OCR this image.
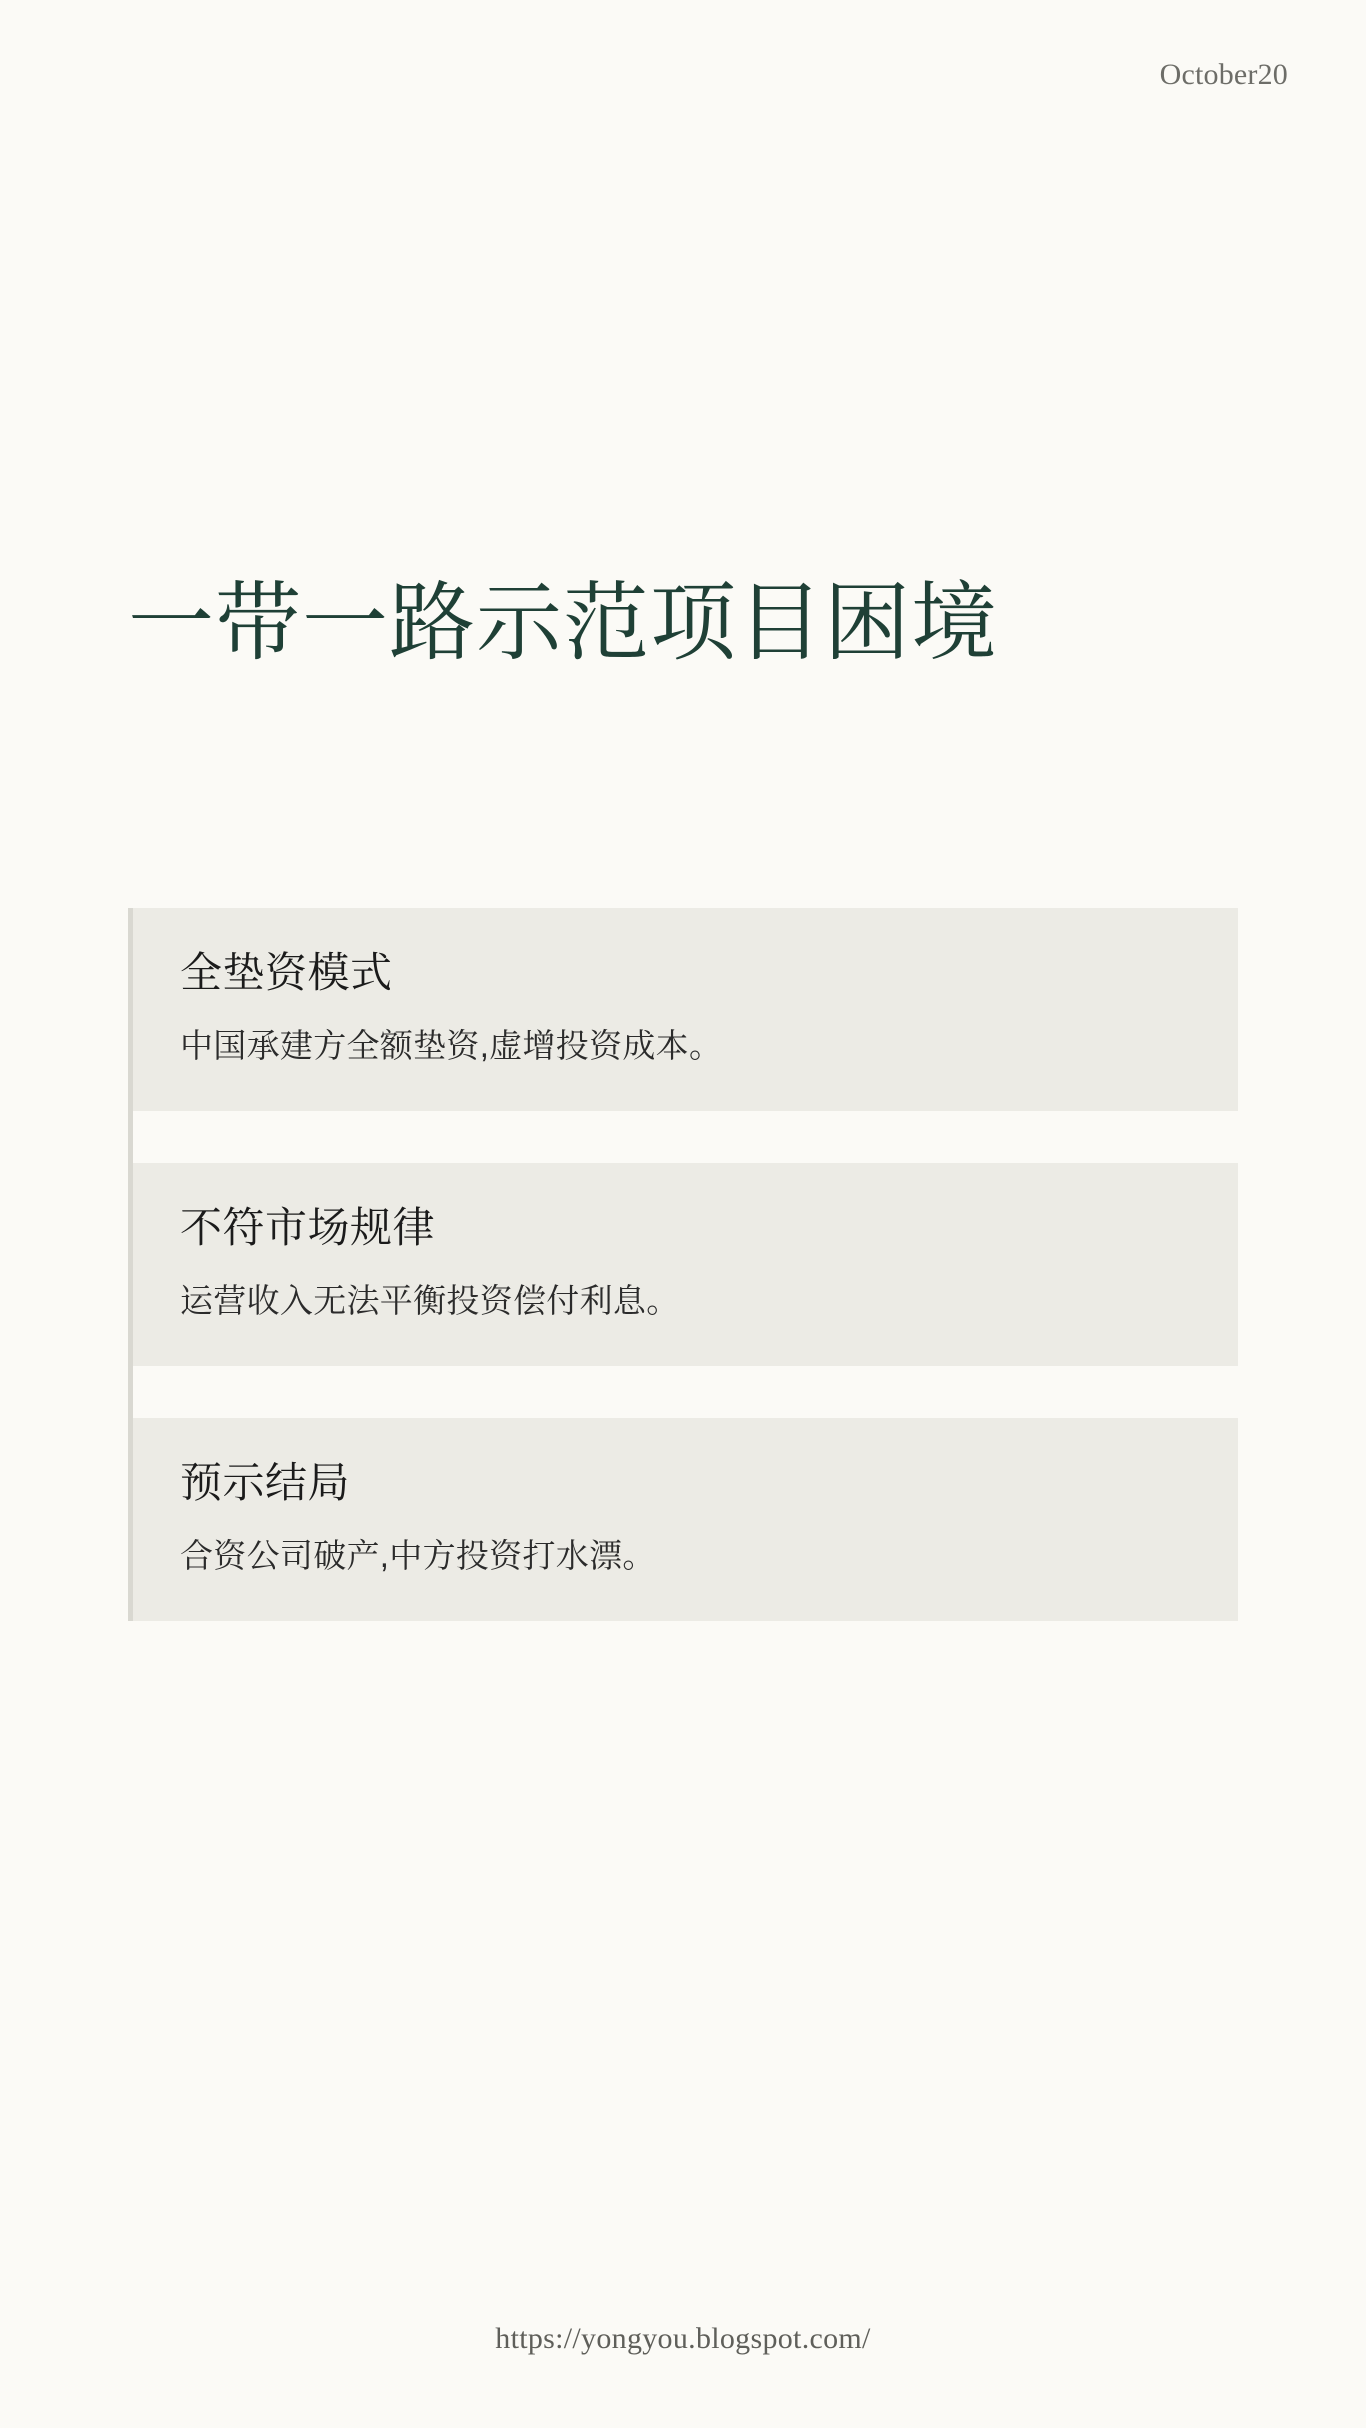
October20
一带一路示范项目困境

全垫资模式

中国承建方全额垫资,虚增投资成本。

不符市场规律

运营收入无法平衡投资偿付利息。

预示结局

合资公司破产,中方投资打水漂。

https://yongyou.blogspot.com/
